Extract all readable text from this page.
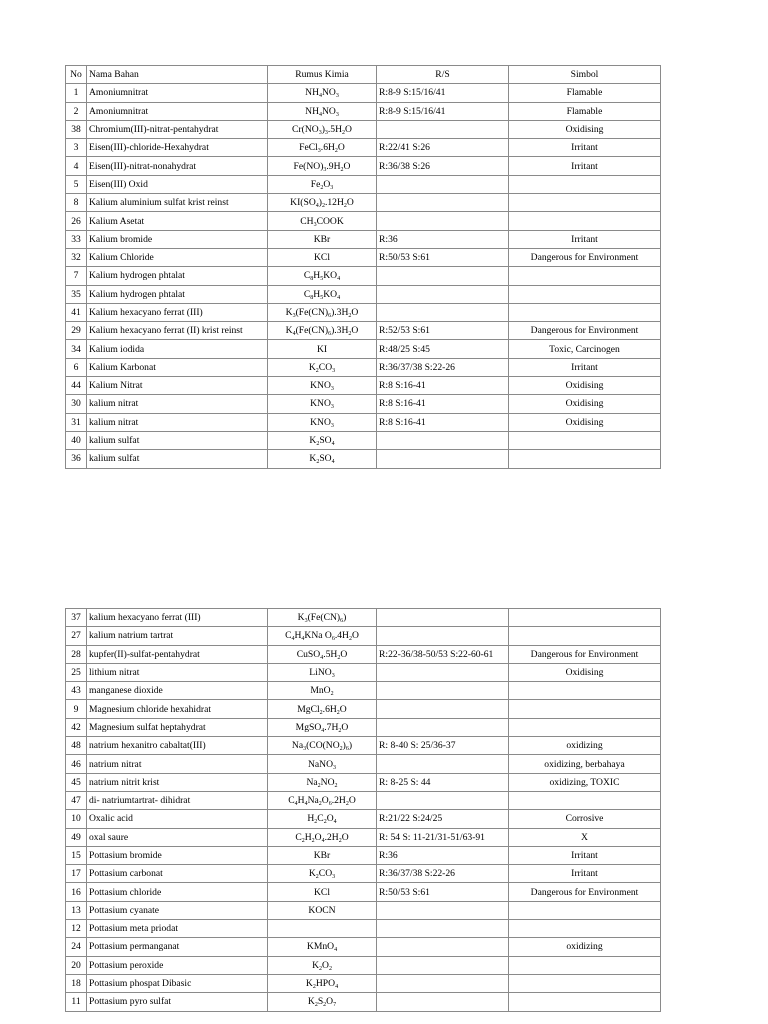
No	Nama Bahan	Rumus Kimia	R/S	Simbol
1	Amoniumnitrat	$NH_4NO_3$	R:8-9 S:15/16/41	Flamable
2	Amoniumnitrat	$NH_4NO_3$	R:8-9 S:15/16/41	Flamable
38	Chromium(III)-nitrat-pentahydrat	$Cr(NO_3)_3.5H_2O$		Oxidising
3	Eisen(III)-chloride-Hexahydrat	$FeCl_3.6H_2O$	R:22/41 S:26	Irritant
4	Eisen(III)-nitrat-nonahydrat	$Fe(NO)_3.9H_2O$	R:36/38 S:26	Irritant
5	Eisen(III) Oxid	$Fe_2O_3$		
8	Kalium aluminium sulfat krist reinst	$KI(SO_4)_2.12H_2O$		
26	Kalium Asetat	$CH_3COOK$		
33	Kalium bromide	KBr	R:36	Irritant
32	Kalium Chloride	KCl	R:50/53 S:61	Dangerous for Environment
7	Kalium hydrogen phtalat	$C_8H_5KO_4$		
35	Kalium hydrogen phtalat	$C_8H_5KO_4$		
41	Kalium hexacyano ferrat (III)	$K_3(Fe(CN)_6).3H_2O$		
29	Kalium hexacyano ferrat (II) krist reinst	$K_4(Fe(CN)_6).3H_2O$	R:52/53 S:61	Dangerous for Environment
34	Kalium iodida	KI	R:48/25 S:45	Toxic, Carcinogen
6	Kalium Karbonat	$K_2CO_3$	R:36/37/38 S:22-26	Irritant
44	Kalium Nitrat	$KNO_3$	R:8 S:16-41	Oxidising
30	kalium nitrat	$KNO_3$	R:8 S:16-41	Oxidising
31	kalium nitrat	$KNO_3$	R:8 S:16-41	Oxidising
40	kalium sulfat	$K_2SO_4$		
36	kalium sulfat	$K_2SO_4$		
37	kalium hexacyano ferrat (III)	$K_3(Fe(CN)_6)$		
27	kalium natrium tartrat	$C_4H_4KNa$ $O_6.4H_2O$		
28	kupfer(II)-sulfat-pentahydrat	$CuSO_4.5H_2O$	R:22-36/38-50/53 S:22-60-61	Dangerous for Environment
25	lithium nitrat	LiNO$_3$		Oxidising
43	manganese dioxide	MnO$_2$		
9	Magnesium chloride hexahidrat	$MgCl_2.6H_2O$		
42	Magnesium sulfat heptahydrat	$MgSO_4.7H_2O$		
48	natrium hexanitro cabaltat(III)	$Na_3(CO(NO_2)_6)$	R: 8-40 S: 25/36-37	oxidizing
46	natrium nitrat	NaNO$_3$		oxidizing, berbahaya
45	natrium nitrit krist	$Na_2NO_2$	R: 8-25 S: 44	oxidizing, TOXIC
47	di- natriumtartrat- dihidrat	$C_4H_4Na_2O_6.2H_2O$		
10	Oxalic acid	$H_2C_2O_4$	R:21/22 S:24/25	Corrosive
49	oxal saure	$C_2H_2O_4.2H_2O$	R: 54 S: 11-21/31-51/63-91	X
15	Pottasium bromide	KBr	R:36	Irritant
17	Pottasium carbonat	$K_2CO_3$	R:36/37/38 S:22-26	Irritant
16	Pottasium chloride	KCl	R:50/53 S:61	Dangerous for Environment
13	Pottasium cyanate	KOCN		
12	Pottasium meta priodat			
24	Pottasium permanganat	KMnO$_4$		oxidizing
20	Pottasium peroxide	$K_2O_2$		
18	Pottasium phospat Dibasic	$K_2HPO_4$		
11	Pottasium pyro sulfat	$K_2S_2O_7$		
